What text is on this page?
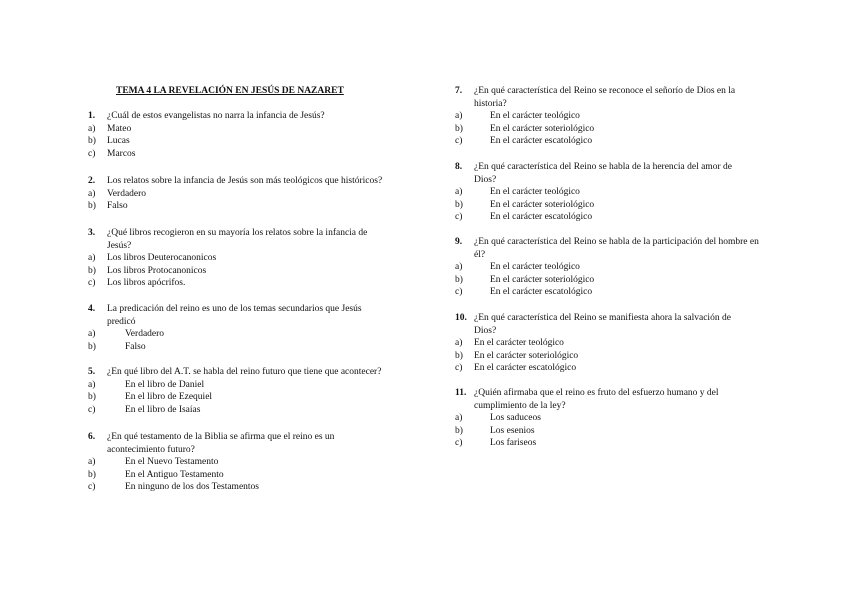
TEMA 4 LA REVELACIÓN EN JESÚS DE NAZARET
1.	¿Cuál de estos evangelistas no narra la infancia de Jesús?
a)	Mateo
b)	Lucas
c)	Marcos
2.	Los relatos sobre la infancia de Jesús son más teológicos que históricos?
a)	Verdadero
b)	Falso
3.	¿Qué libros recogieron en su mayoría los relatos sobre la infancia de Jesús?
a)	Los libros Deuterocanonicos
b)	Los libros Protocanonicos
c)	Los libros apócrifos.
4.	La predicación del reino es uno de los temas secundarios que Jesús predicó
a)	Verdadero
b)	Falso
5.	¿En qué libro del A.T. se habla del reino futuro que tiene que acontecer?
a)	En el libro de Daniel
b)	En el libro de Ezequiel
c)	En el libro de Isaías
6.	¿En qué testamento de la Biblia se afirma que el reino es un acontecimiento futuro?
a)	En el Nuevo Testamento
b)	En el Antiguo Testamento
c)	En ninguno de los dos Testamentos
7.	¿En qué característica del Reino se reconoce el señorío de Dios en la historia?
a)	En el carácter teológico
b)	En el carácter soteriológico
c)	En el carácter escatológico
8.	¿En qué característica del Reino se habla de la herencia del amor de Dios?
a)	En el carácter teológico
b)	En el carácter soteriológico
c)	En el carácter escatológico
9.	¿En qué característica del Reino se habla de la participación del hombre en él?
a)	En el carácter teológico
b)	En el carácter soteriológico
c)	En el carácter escatológico
10. ¿En qué característica del Reino se manifiesta ahora la salvación de Dios?
a)	En el carácter teológico
b)	En el carácter soteriológico
c)	En el carácter escatológico
11. ¿Quién afirmaba que el reino es fruto del esfuerzo humano y del cumplimiento de la ley?
a)	Los saduceos
b)	Los esenios
c)	Los fariseos
